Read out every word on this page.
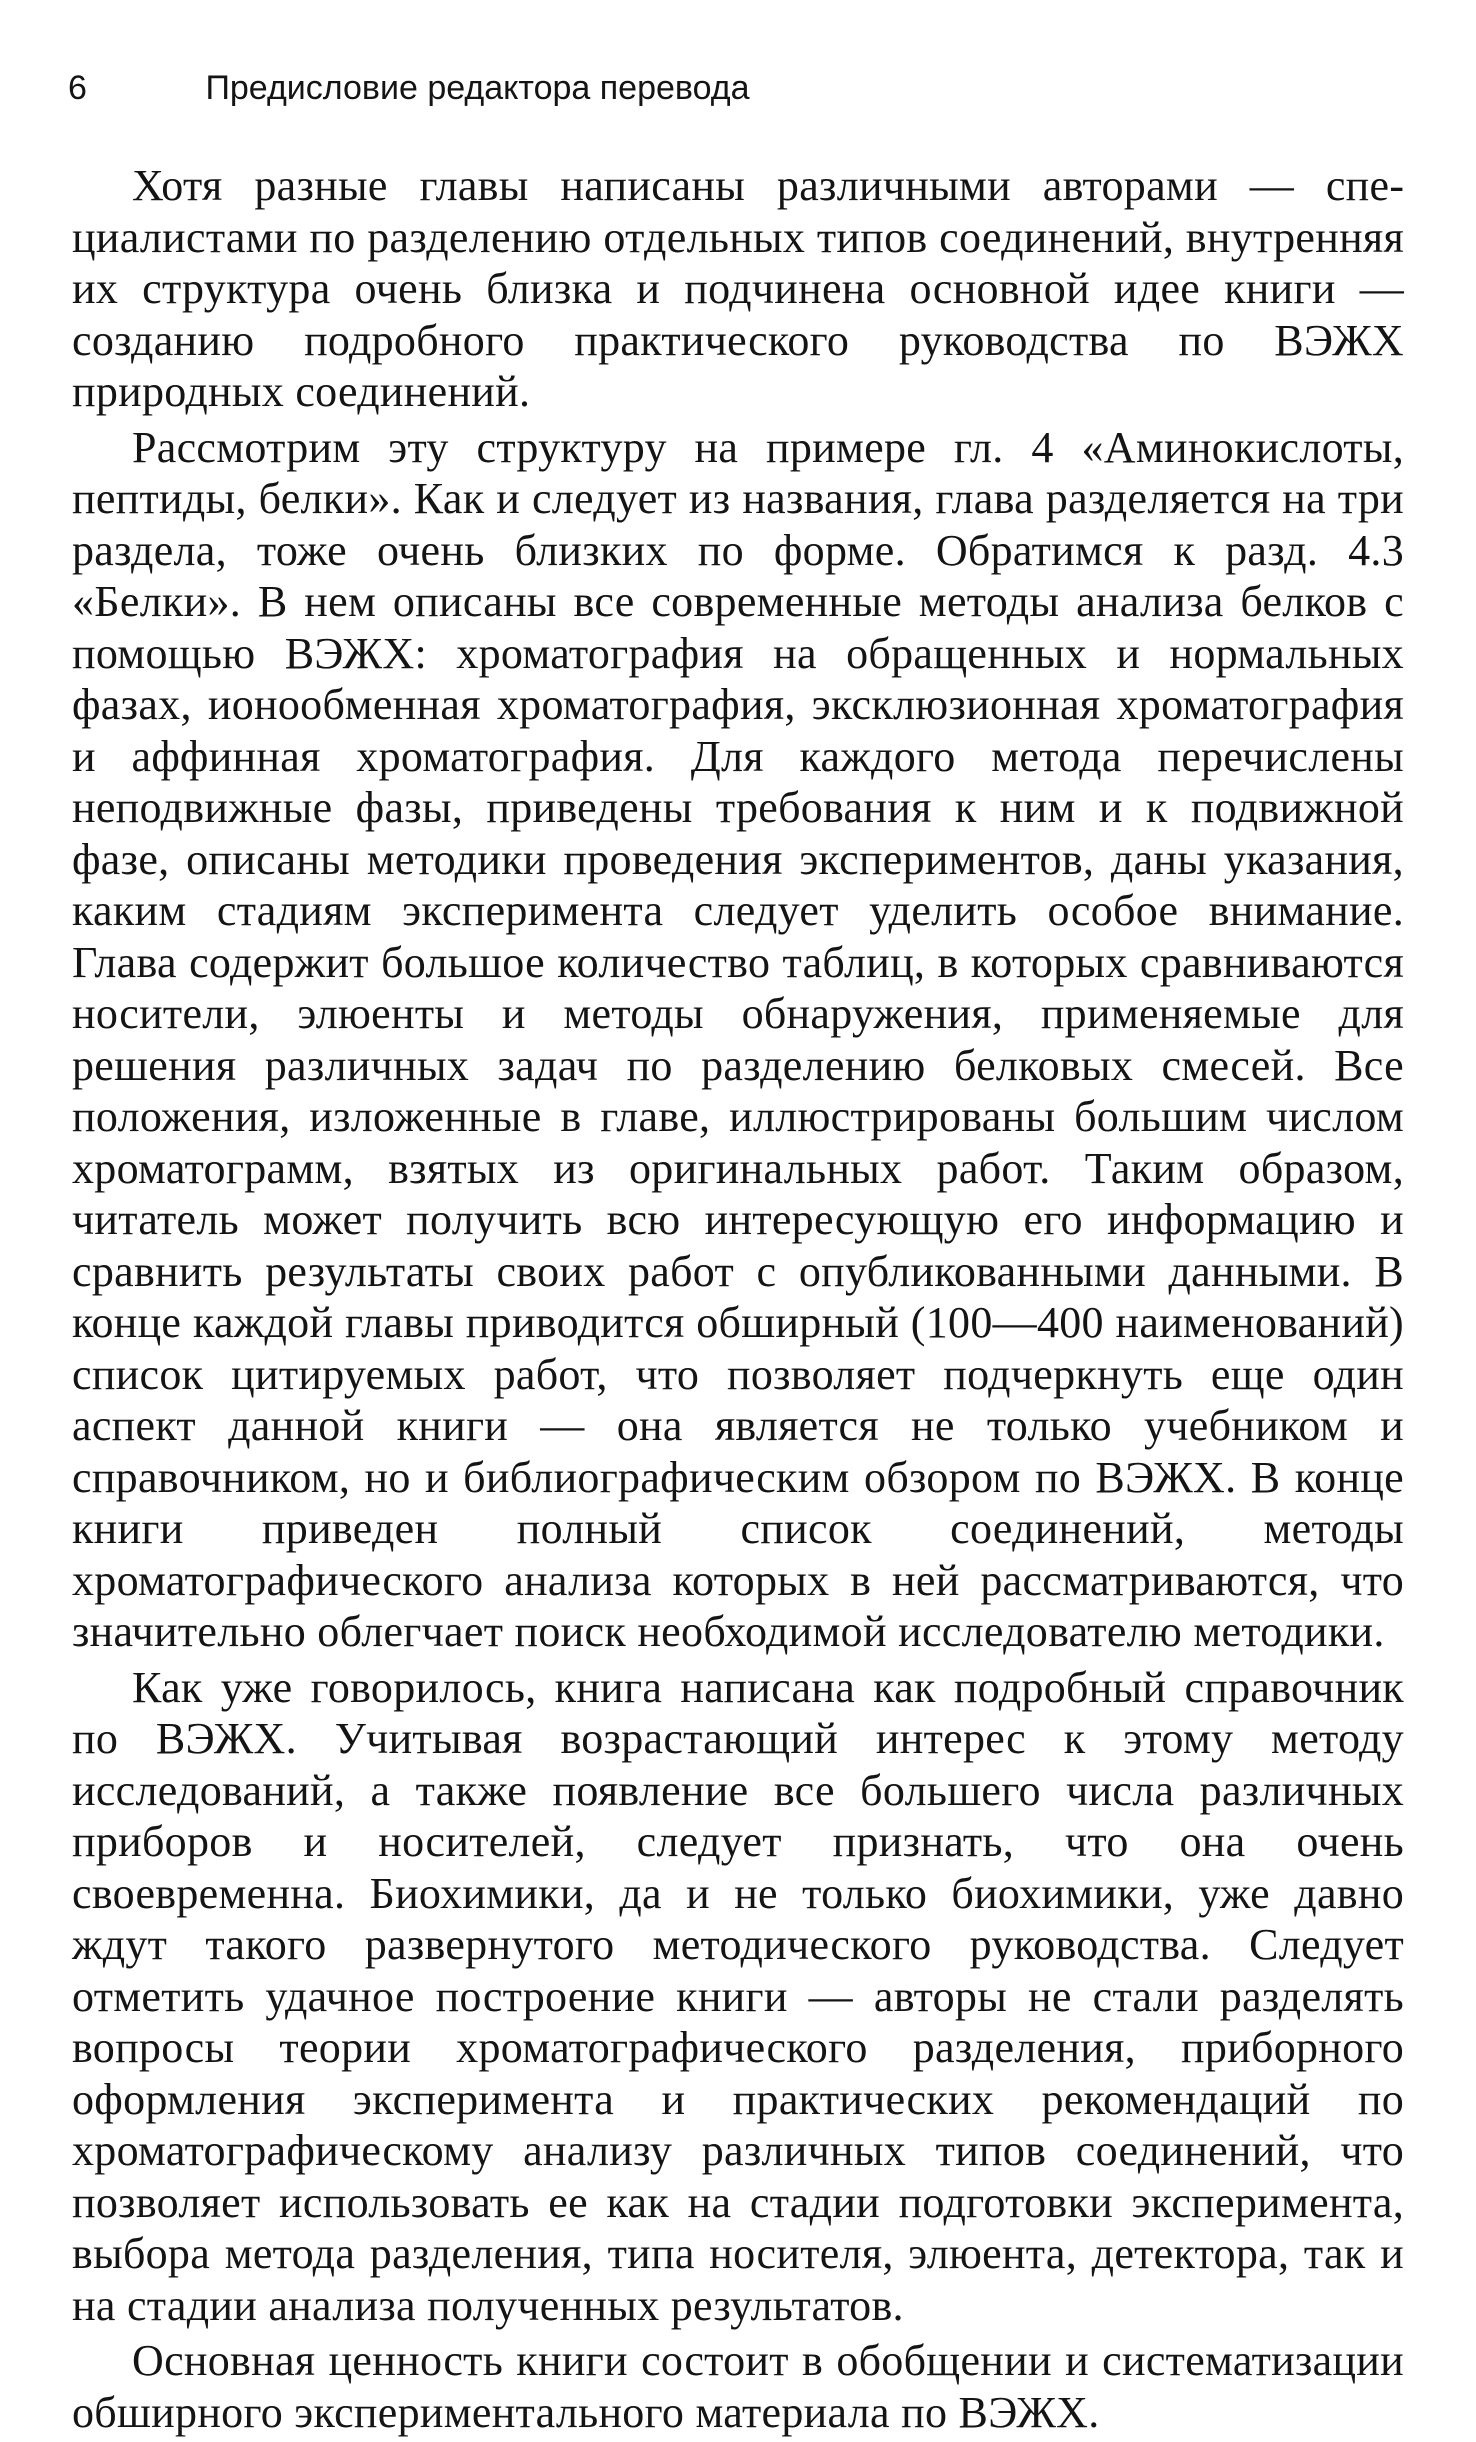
6	Предисловие редактора перевода

Хотя разные главы написаны различными авторами — специалистами по разделению отдельных типов соединений, внутренняя их структура очень близка и подчинена основной идее книги — созданию подробного практического руководства по ВЭЖХ природных соединений.

Рассмотрим эту структуру на примере гл. 4 «Аминокислоты, пептиды, белки». Как и следует из названия, глава разделяется на три раздела, тоже очень близких по форме. Обратимся к разд. 4.3 «Белки». В нем описаны все современные методы анализа белков с помощью ВЭЖХ: хроматография на обращенных и нормальных фазах, ионообменная хроматография, эксклюзионная хроматография и аффинная хроматография. Для каждого метода перечислены неподвижные фазы, приведены требования к ним и к подвижной фазе, описаны методики проведения экспериментов, даны указания, каким стадиям эксперимента следует уделить особое внимание. Глава содержит большое количество таблиц, в которых сравниваются носители, элюенты и методы обнаружения, применяемые для решения различных задач по разделению белковых смесей. Все положения, изложенные в главе, иллюстрированы большим числом хроматограмм, взятых из оригинальных работ. Таким образом, читатель может получить всю интересующую его информацию и сравнить результаты своих работ с опубликованными данными. В конце каждой главы приводится обширный (100—400 наименований) список цитируемых работ, что позволяет подчеркнуть еще один аспект данной книги — она является не только учебником и справочником, но и библиографическим обзором по ВЭЖХ. В конце книги приведен полный список соединений, методы хроматографического анализа которых в ней рассматриваются, что значительно облегчает поиск необходимой исследователю методики.

Как уже говорилось, книга написана как подробный справочник по ВЭЖХ. Учитывая возрастающий интерес к этому методу исследований, а также появление все большего числа различных приборов и носителей, следует признать, что она очень своевременна. Биохимики, да и не только биохимики, уже давно ждут такого развернутого методического руководства. Следует отметить удачное построение книги — авторы не стали разделять вопросы теории хроматографического разделения, приборного оформления эксперимента и практических рекомендаций по хроматографическому анализу различных типов соединений, что позволяет использовать ее как на стадии подготовки эксперимента, выбора метода разделения, типа носителя, элюента, детектора, так и на стадии анализа полученных результатов.

Основная ценность книги состоит в обобщении и систематизации обширного экспериментального материала по ВЭЖХ.
